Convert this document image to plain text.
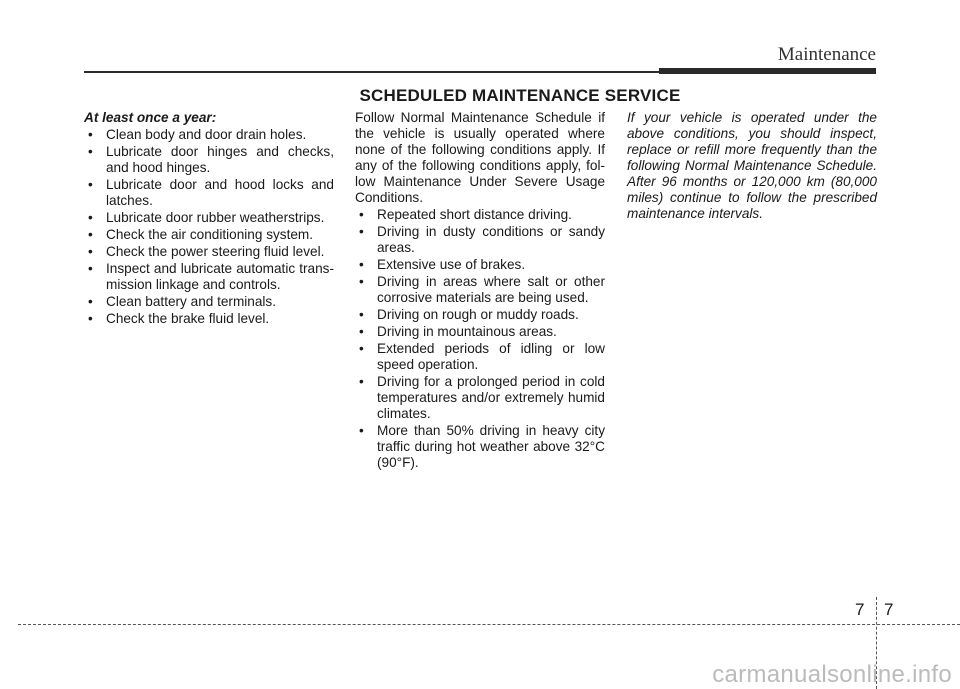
Maintenance
SCHEDULED MAINTENANCE SERVICE

At least once a year:

• Clean body and door drain holes.
• Lubricate door hinges and checks, and hood hinges.
• Lubricate door and hood locks and latches.
• Lubricate door rubber weatherstrips.
• Check the air conditioning system.
• Check the power steering fluid level.
• Inspect and lubricate automatic trans-mission linkage and controls.
• Clean battery and terminals.
• Check the brake fluid level.

Follow Normal Maintenance Schedule if the vehicle is usually operated where none of the following conditions apply. If any of the following conditions apply, fol-low Maintenance Under Severe Usage Conditions.

• Repeated short distance driving.
• Driving in dusty conditions or sandy areas.
• Extensive use of brakes.
• Driving in areas where salt or other corrosive materials are being used.
• Driving on rough or muddy roads.
• Driving in mountainous areas.
• Extended periods of idling or low speed operation.
• Driving for a prolonged period in cold temperatures and/or extremely humid climates.
• More than 50% driving in heavy city traffic during hot weather above 32°C (90°F).

If your vehicle is operated under the above conditions, you should inspect, replace or refill more frequently than the following Normal Maintenance Schedule. After 96 months or 120,000 km (80,000 miles) continue to follow the prescribed maintenance intervals.

7 7
carmanualsonline.info
